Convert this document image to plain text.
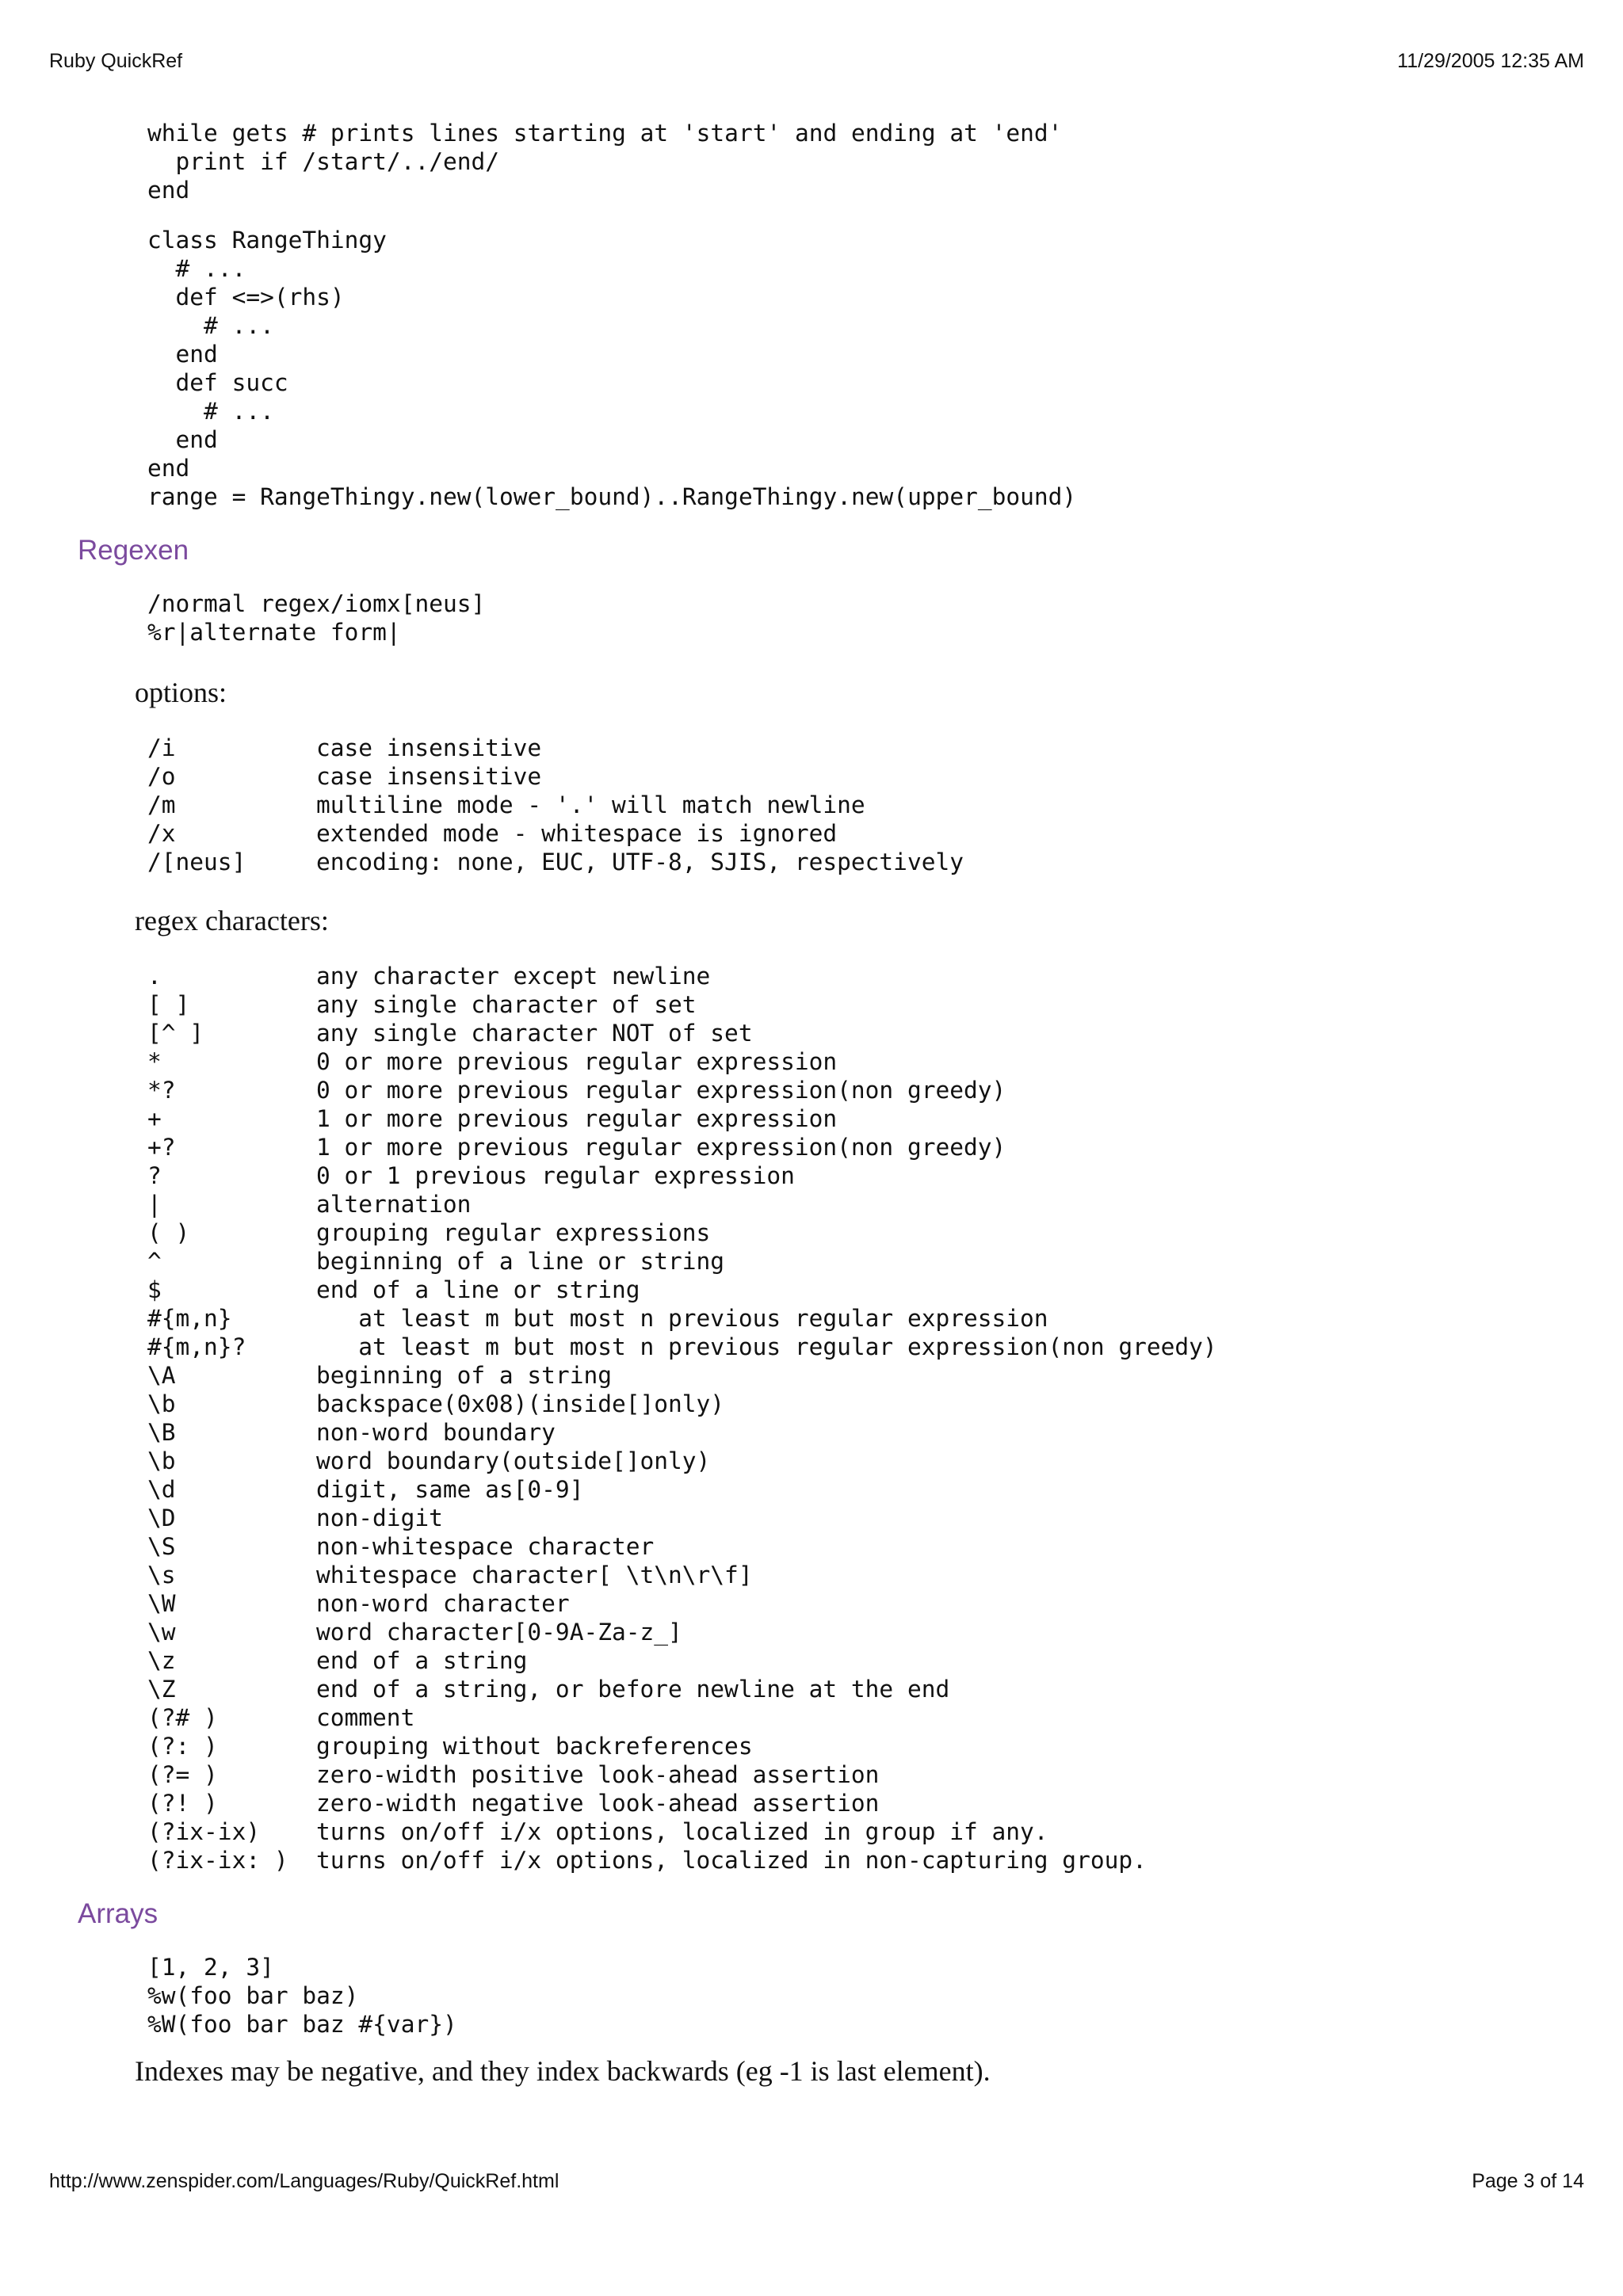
Ruby QuickRef	11/29/2005 12:35 AM
while gets # prints lines starting at 'start' and ending at 'end'
print if /start/../end/
end
class RangeThingy
# ...
def <=>(rhs)
# ...
end
def succ
# ...
end
end
range = RangeThingy.new(lower_bound)..RangeThingy.new(upper_bound)
Regexen
/normal regex/iomx[neus]
%r|alternate form|
options:
/i	case insensitive
/o	case insensitive
/m	multiline mode - '.' will match newline
/x	extended mode - whitespace is ignored
/[neus]	encoding: none, EUC, UTF-8, SJIS, respectively
regex characters:
.	any character except newline
[ ]	any single character of set
[^ ]	any single character NOT of set
*	0 or more previous regular expression
*?	0 or more previous regular expression(non greedy)
+	1 or more previous regular expression
+?	1 or more previous regular expression(non greedy)
?	0 or 1 previous regular expression
|	alternation
( )	grouping regular expressions
^	beginning of a line or string
$	end of a line or string
#{m,n}	at least m but most n previous regular expression
#{m,n}?	at least m but most n previous regular expression(non greedy)
\A	beginning of a string
\b	backspace(0x08)(inside[]only)
\B	non-word boundary
\b	word boundary(outside[]only)
\d	digit, same as[0-9]
\D	non-digit
\S	non-whitespace character
\s	whitespace character[ \t\n\r\f]
\W	non-word character
\w	word character[0-9A-Za-z_]
\z	end of a string
\Z	end of a string, or before newline at the end
(?# )	comment
(?: )	grouping without backreferences
(?= )	zero-width positive look-ahead assertion
(?! )	zero-width negative look-ahead assertion
(?ix-ix)	turns on/off i/x options, localized in group if any.
(?ix-ix: )	turns on/off i/x options, localized in non-capturing group.
Arrays
[1, 2, 3]
%w(foo bar baz)
%W(foo bar baz #{var})
Indexes may be negative, and they index backwards (eg -1 is last element).
http://www.zenspider.com/Languages/Ruby/QuickRef.html	Page 3 of 14
